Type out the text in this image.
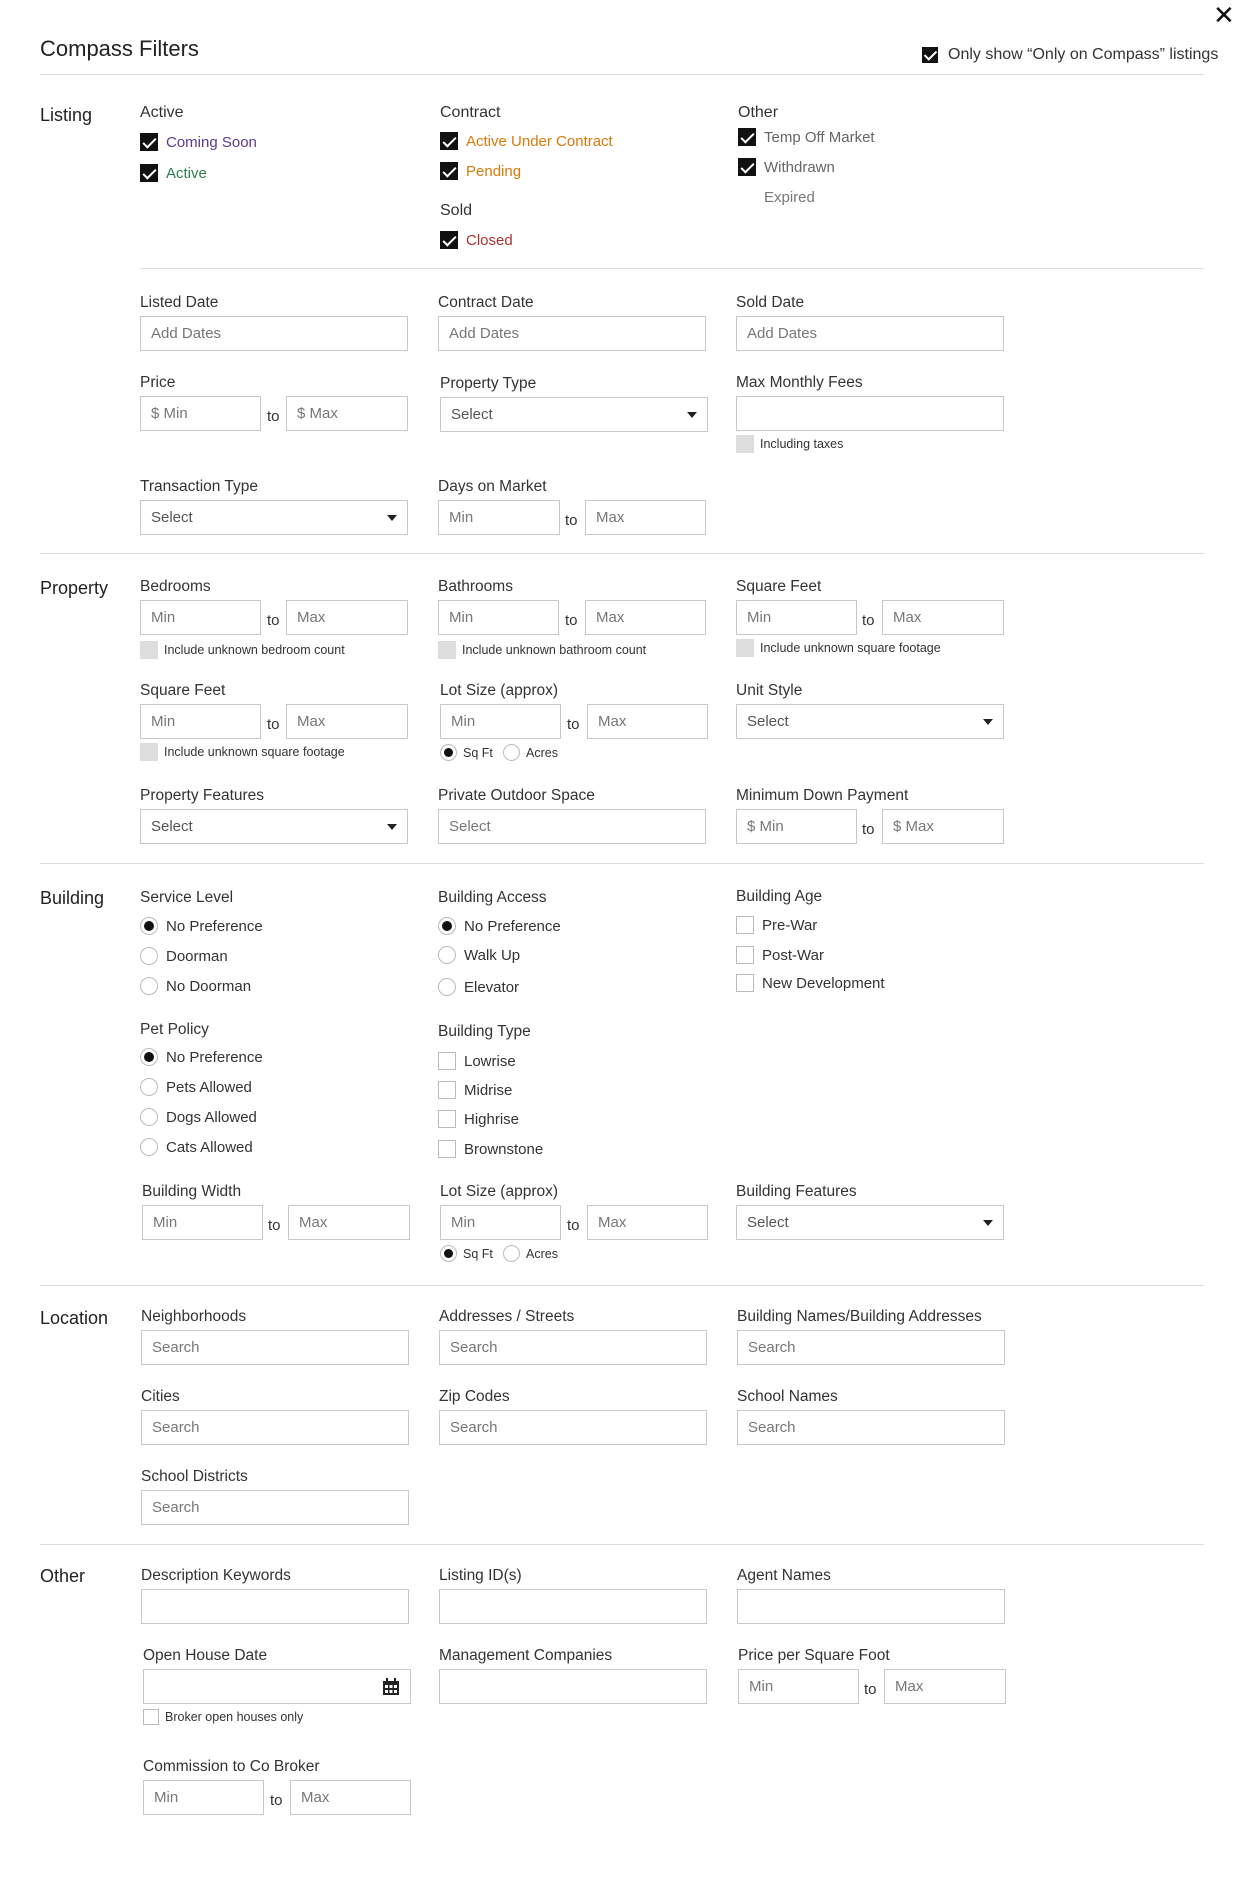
Compass Filters
✕
Only show “Only on Compass” listings
Listing	Active
Coming Soon
Active
Contract
Active Under Contract
Pending
Sold
Closed
Other
Temp Off Market
Withdrawn
Expired
Listed Date
Add Dates
Contract Date
Add Dates
Sold Date
Add Dates
Price
$ Min	to	$ Max
Property Type
Select
Max Monthly Fees
Including taxes
Transaction Type
Select
Days on Market
Min	to	Max
Property Bedrooms
Min	to	Max
Include unknown bedroom count
Bathrooms
Min	to	Max
Include unknown bathroom count
Square Feet
Min	to	Max
Include unknown square footage
Square Feet
Min	to	Max
Include unknown square footage
Lot Size (approx)
Min	to	Max
Sq Ft	Acres
Unit Style
Select
Property Features
Select
Private Outdoor Space
Select
Minimum Down Payment
$ Min	to	$ Max
Building Service Level
No Preference
Doorman
No Doorman
Building Access
No Preference
Walk Up
Elevator
Building Age
Pre-War
Post-War
New Development
Pet Policy
No Preference
Pets Allowed
Dogs Allowed
Cats Allowed
Building Type
Lowrise
Midrise
Highrise
Brownstone
Building Width
Min	to	Max
Lot Size (approx)
Min	to	Max
Sq Ft	Acres
Building Features
Select
Location Neighborhoods
Search
Addresses / Streets
Search
Building Names/Building Addresses
Search
Cities
Search
Zip Codes
Search
School Names
Search
School Districts
Search
Other	Description Keywords	Listing ID(s)	Agent Names
Open House Date
Broker open houses only
Management Companies	Price per Square Foot
Min	to	Max
Commission to Co Broker
Min	to	Max
